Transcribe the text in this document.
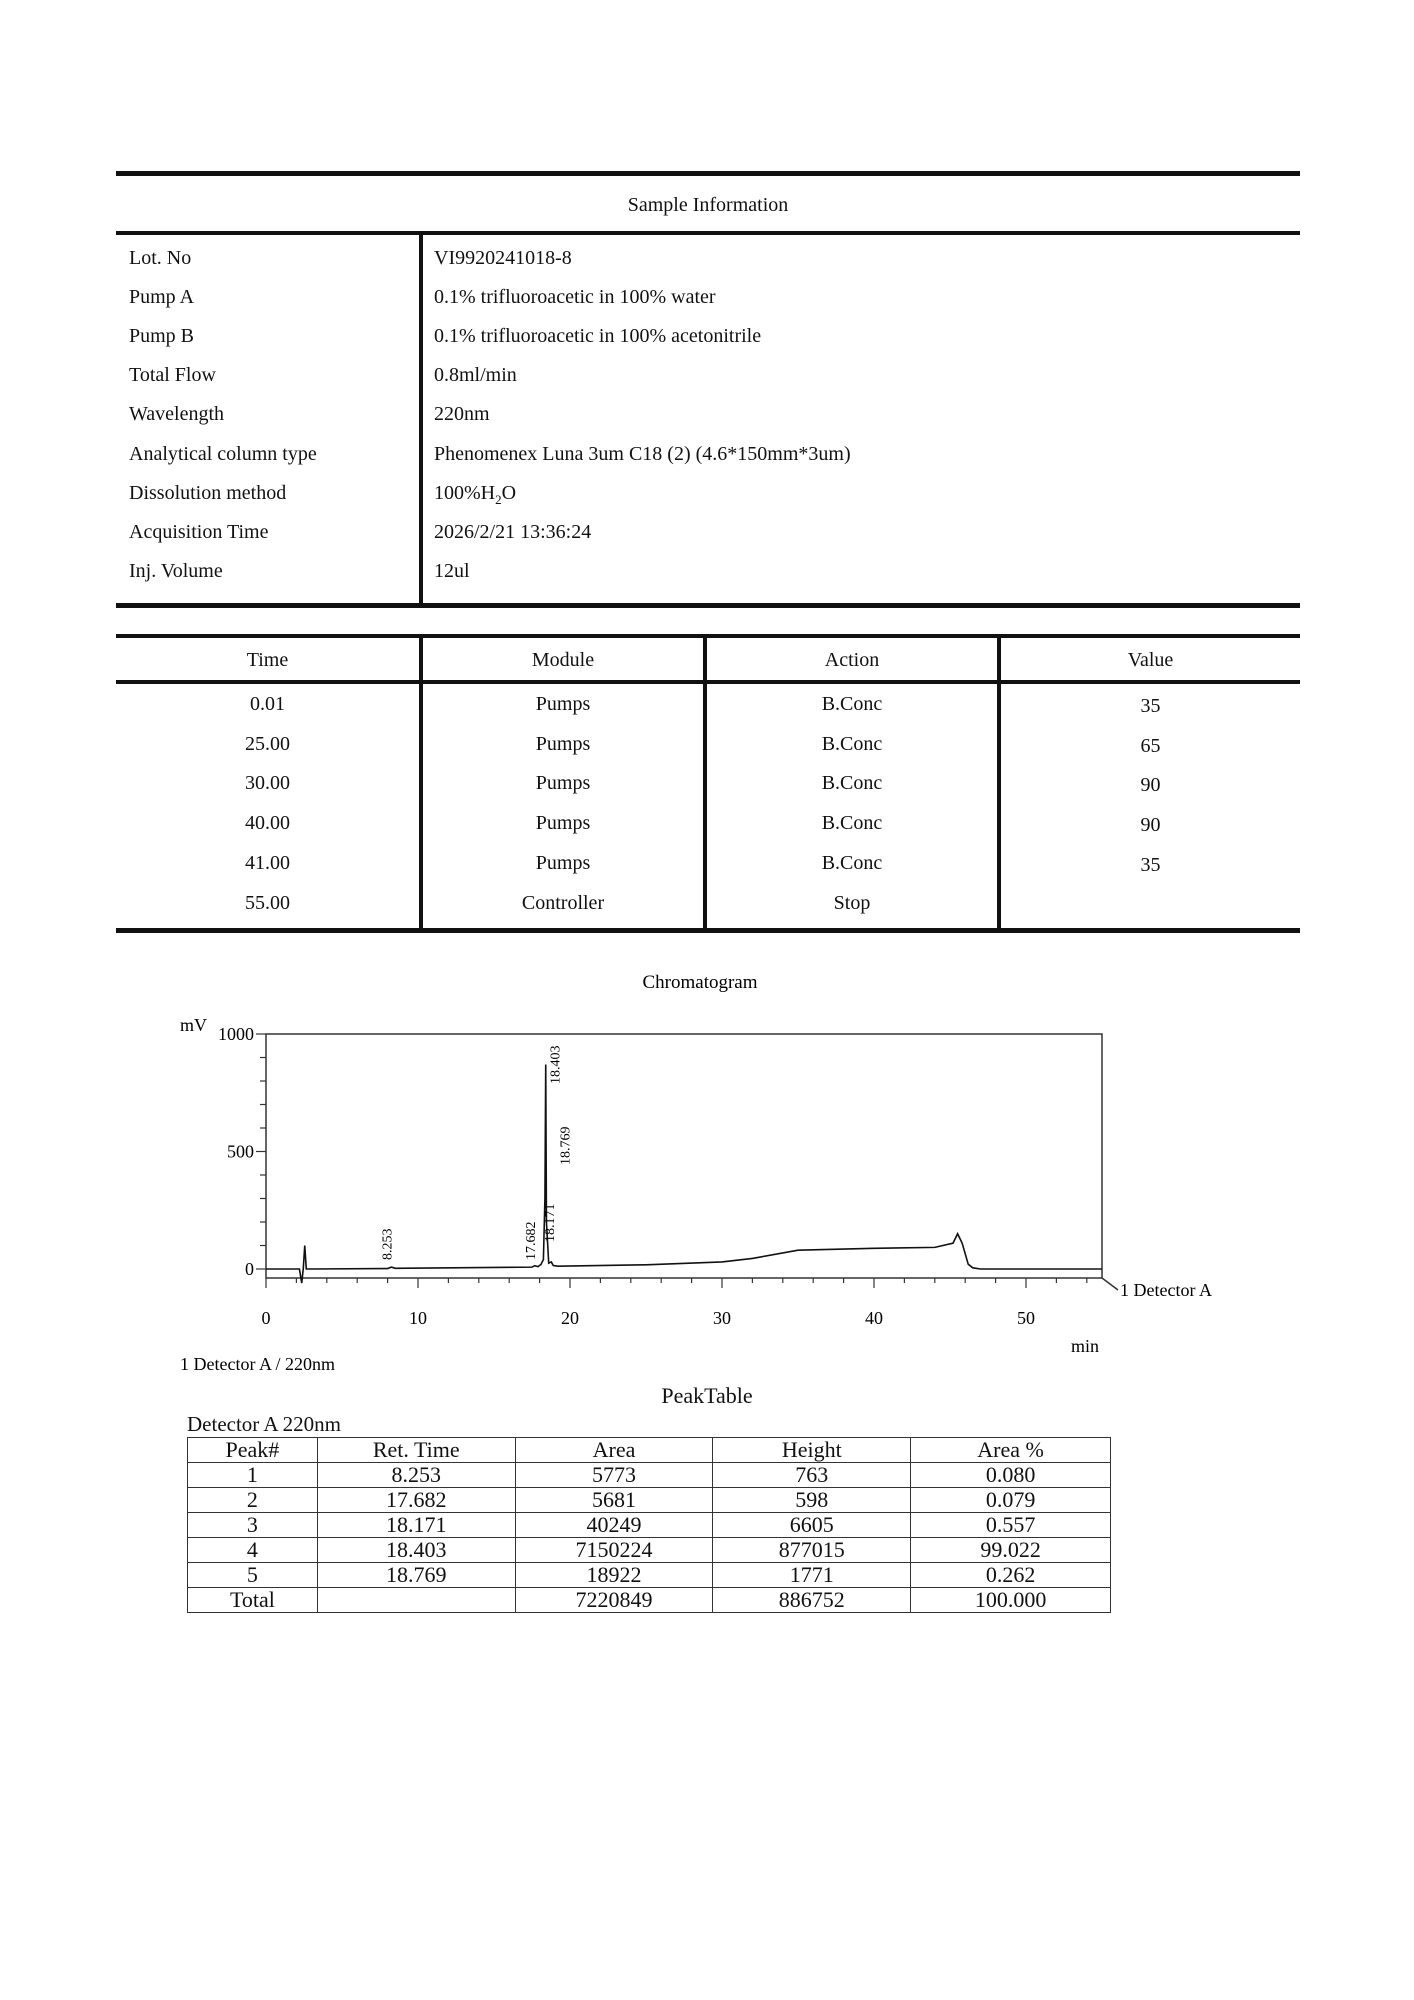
Sample Information
Lot. No	VI9920241018-8
Pump A	0.1% trifluoroacetic in 100% water
Pump B	0.1% trifluoroacetic in 100% acetonitrile
Total Flow	0.8ml/min
Wavelength	220nm
Analytical column type	Phenomenex Luna 3um C18 (2) (4.6*150mm*3um)
Dissolution method	$100\%H_2O$
Acquisition Time	2026/2/21 13:36:24
Inj. Volume	12ul
Time	Module	Action	Value
0.01	Pumps	B.Conc	35
25.00	Pumps	B.Conc	65
30.00	Pumps	B.Conc	90
40.00	Pumps	B.Conc	90
41.00	Pumps	B.Conc	35
55.00	Controller	Stop
Chromatogram
mV
min
0	10	20	30	40	50
0
500
1000
8.253	17.682 18.171
18.403
18.769
1 Detector A
1 Detector A / 220nm
PeakTable
Detector A 220nm
Peak#	Ret. Time	Area	Height	Area %
1	8.253	5773	763	0.080
2	17.682	5681	598	0.079
3	18.171	40249	6605	0.557
4	18.403	7150224	877015	99.022
5	18.769	18922	1771	0.262
Total		7220849	886752	100.000
